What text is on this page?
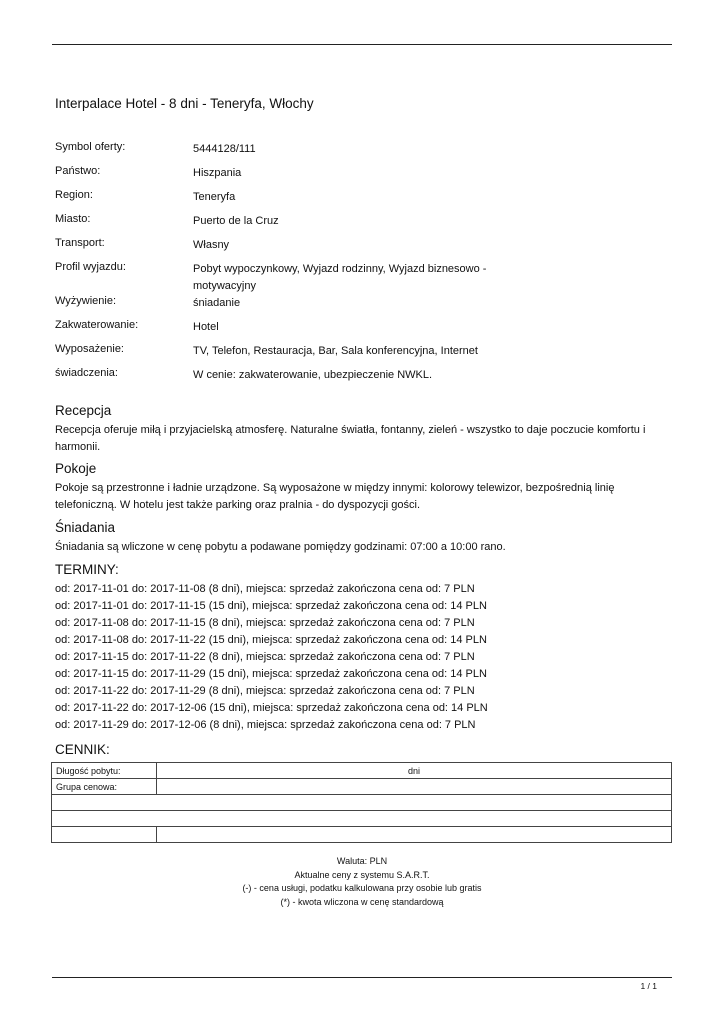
Interpalace Hotel - 8 dni - Teneryfa, Włochy
Symbol oferty:	5444128/111
Państwo:	Hiszpania
Region:	Teneryfa
Miasto:	Puerto de la Cruz
Transport:	Własny
Profil wyjazdu:	Pobyt wypoczynkowy, Wyjazd rodzinny, Wyjazd biznesowo - motywacyjny
Wyżywienie:	śniadanie
Zakwaterowanie:	Hotel
Wyposażenie:	TV, Telefon, Restauracja, Bar, Sala konferencyjna, Internet
świadczenia:	W cenie: zakwaterowanie, ubezpieczenie NWKL.
Recepcja

Recepcja oferuje miłą i przyjacielską atmosferę. Naturalne światła, fontanny, zieleń - wszystko to daje poczucie komfortu i harmonii.

Pokoje

Pokoje są przestronne i ładnie urządzone. Są wyposażone w między innymi: kolorowy telewizor, bezpośrednią linię telefoniczną. W hotelu jest także parking oraz pralnia - do dyspozycji gości.

Śniadania

Śniadania są wliczone w cenę pobytu a podawane pomiędzy godzinami: 07:00 a 10:00 rano.

TERMINY:
od: 2017-11-01 do: 2017-11-08 (8 dni), miejsca: sprzedaż zakończona cena od: 7 PLN
od: 2017-11-01 do: 2017-11-15 (15 dni), miejsca: sprzedaż zakończona cena od: 14 PLN
od: 2017-11-08 do: 2017-11-15 (8 dni), miejsca: sprzedaż zakończona cena od: 7 PLN
od: 2017-11-08 do: 2017-11-22 (15 dni), miejsca: sprzedaż zakończona cena od: 14 PLN
od: 2017-11-15 do: 2017-11-22 (8 dni), miejsca: sprzedaż zakończona cena od: 7 PLN
od: 2017-11-15 do: 2017-11-29 (15 dni), miejsca: sprzedaż zakończona cena od: 14 PLN
od: 2017-11-22 do: 2017-11-29 (8 dni), miejsca: sprzedaż zakończona cena od: 7 PLN
od: 2017-11-22 do: 2017-12-06 (15 dni), miejsca: sprzedaż zakończona cena od: 14 PLN
od: 2017-11-29 do: 2017-12-06 (8 dni), miejsca: sprzedaż zakończona cena od: 7 PLN
CENNIK:
Długość pobytu:	dni
Grupa cenowa:	

Waluta: PLN
Aktualne ceny z systemu S.A.R.T.
(-) - cena usługi, podatku kalkulowana przy osobie lub gratis
(*) - kwota wliczona w cenę standardową
1 / 1
